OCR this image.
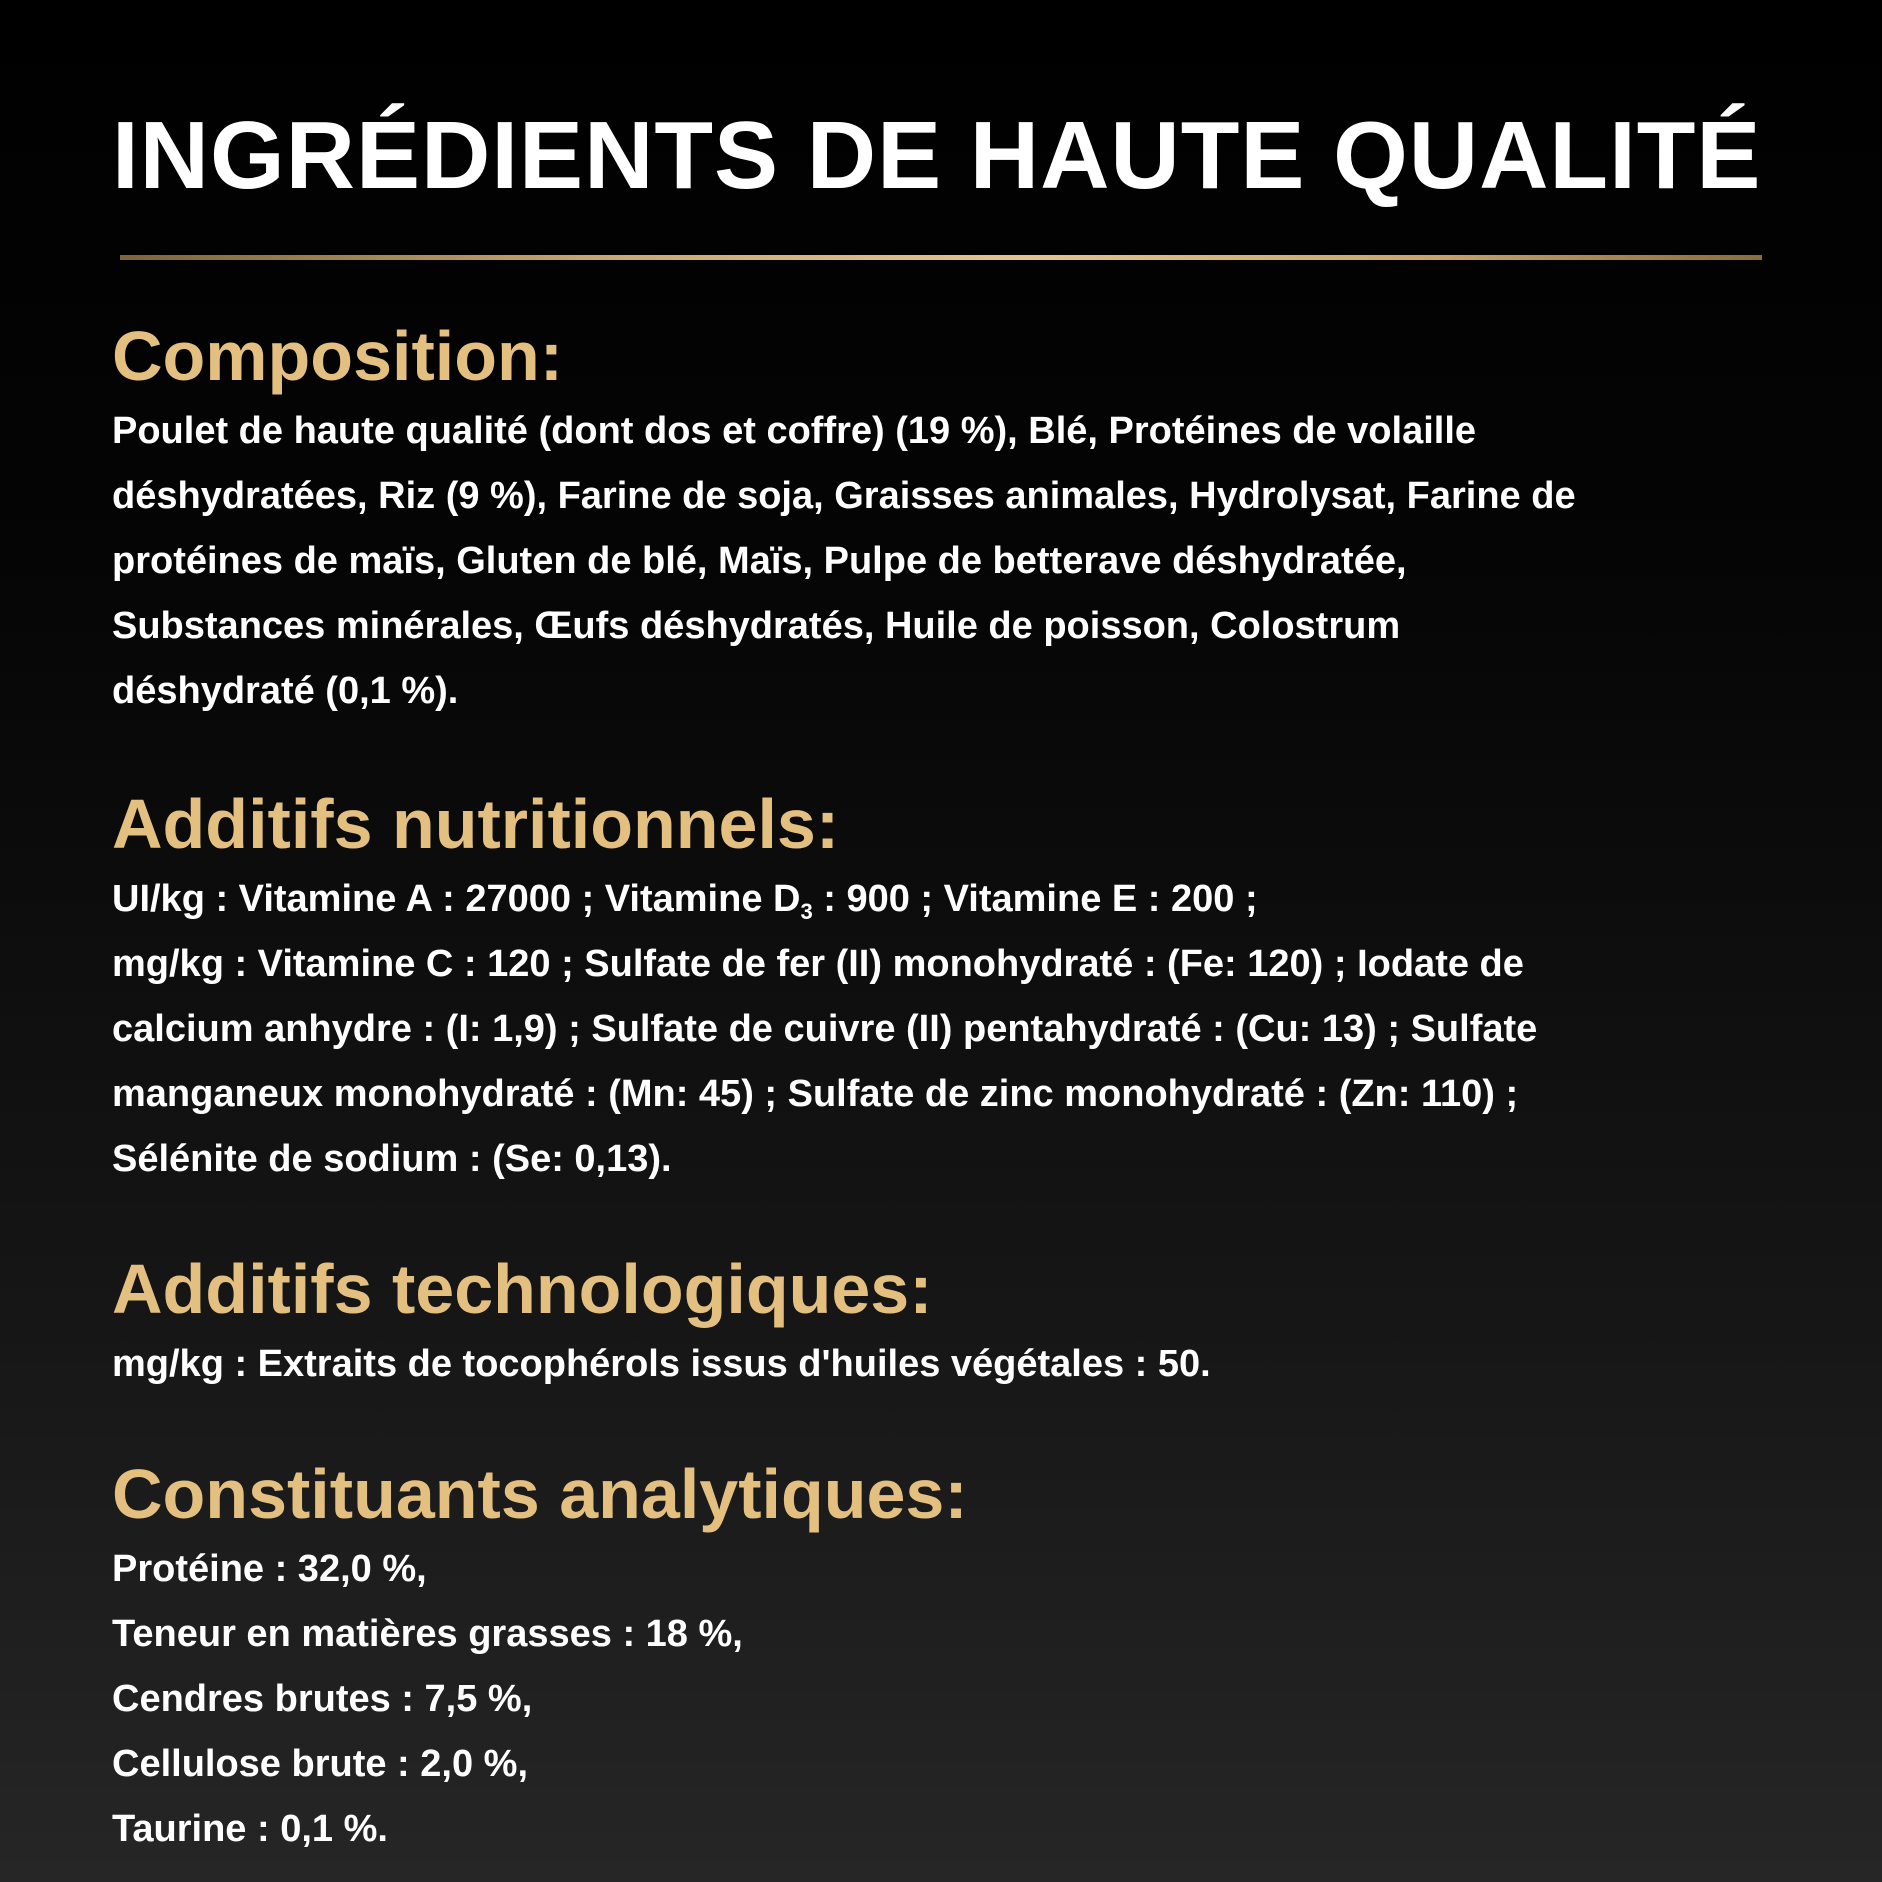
INGRÉDIENTS DE HAUTE QUALITÉ
Composition:

Poulet de haute qualité (dont dos et coffre) (19 %), Blé, Protéines de volaille
déshydratées, Riz (9 %), Farine de soja, Graisses animales, Hydrolysat, Farine de
protéines de maïs, Gluten de blé, Maïs, Pulpe de betterave déshydratée,
Substances minérales, Œufs déshydratés, Huile de poisson, Colostrum
déshydraté (0,1 %).

Additifs nutritionnels:

UI/kg : Vitamine A : 27000 ; Vitamine $D_3$ : 900 ; Vitamine E : 200 ;
mg/kg : Vitamine C : 120 ; Sulfate de fer (II) monohydraté : (Fe: 120) ; Iodate de
calcium anhydre : (I: 1,9) ; Sulfate de cuivre (II) pentahydraté : (Cu: 13) ; Sulfate
manganeux monohydraté : (Mn: 45) ; Sulfate de zinc monohydraté : (Zn: 110) ;
Sélénite de sodium : (Se: 0,13).

Additifs technologiques:

mg/kg : Extraits de tocophérols issus d'huiles végétales : 50.

Constituants analytiques:

Protéine : 32,0 %,
Teneur en matières grasses : 18 %,
Cendres brutes : 7,5 %,
Cellulose brute : 2,0 %,
Taurine : 0,1 %.
